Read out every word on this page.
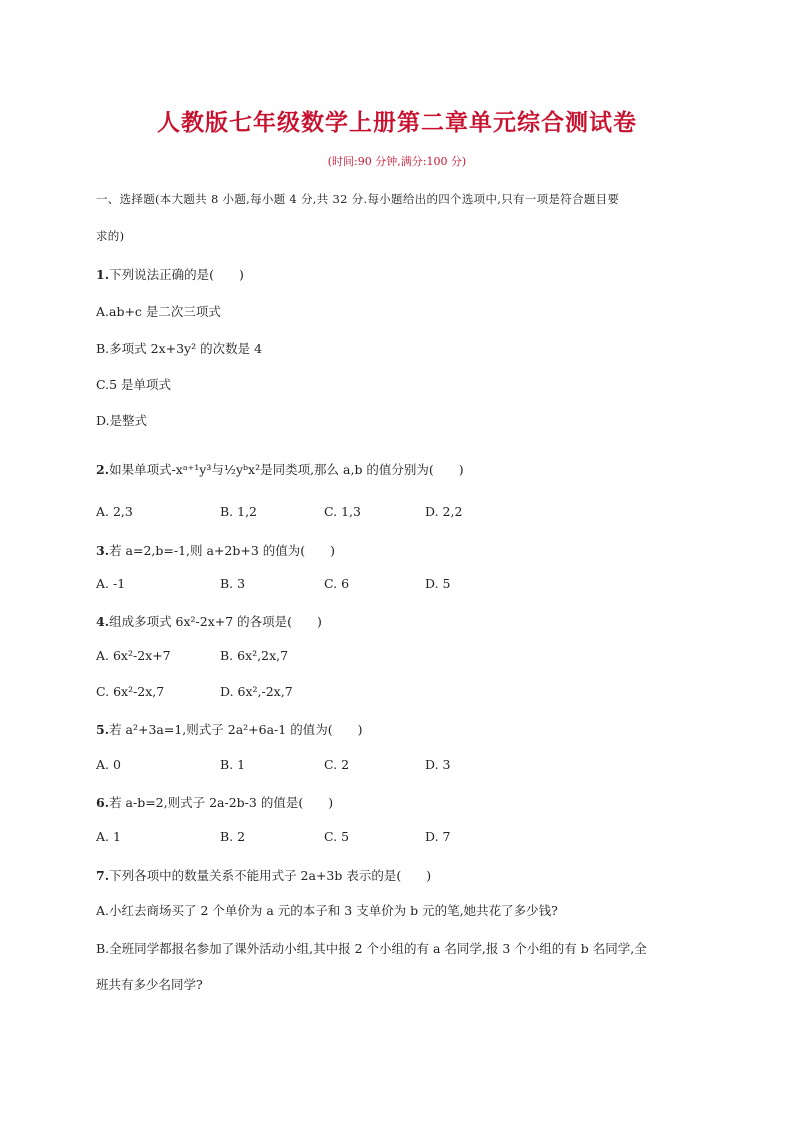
人教版七年级数学上册第二章单元综合测试卷
(时间:90 分钟,满分:100 分)
一、选择题(本大题共 8 小题,每小题 4 分,共 32 分.每小题给出的四个选项中,只有一项是符合题目要
求的)
1.下列说法正确的是(　　)
A.ab+c 是二次三项式
B.多项式 2x+3y² 的次数是 4
C.5 是单项式
D.是整式
2.如果单项式-xᵃ⁺¹y³与½yᵇx²是同类项,那么 a,b 的值分别为(　　)
A. 2,3	B. 1,2	C. 1,3	D. 2,2
3.若 a=2,b=-1,则 a+2b+3 的值为(　　)
A. -1	B. 3	C. 6	D. 5
4.组成多项式 6x²-2x+7 的各项是(　　)
A. 6x²-2x+7	B. 6x²,2x,7
C. 6x²-2x,7	D. 6x²,-2x,7
5.若 a²+3a=1,则式子 2a²+6a-1 的值为(　　)
A. 0	B. 1	C. 2	D. 3
6.若 a-b=2,则式子 2a-2b-3 的值是(　　)
A. 1	B. 2	C. 5	D. 7
7.下列各项中的数量关系不能用式子 2a+3b 表示的是(　　)
A.小红去商场买了 2 个单价为 a 元的本子和 3 支单价为 b 元的笔,她共花了多少钱?
B.全班同学都报名参加了课外活动小组,其中报 2 个小组的有 a 名同学,报 3 个小组的有 b 名同学,全
班共有多少名同学?
